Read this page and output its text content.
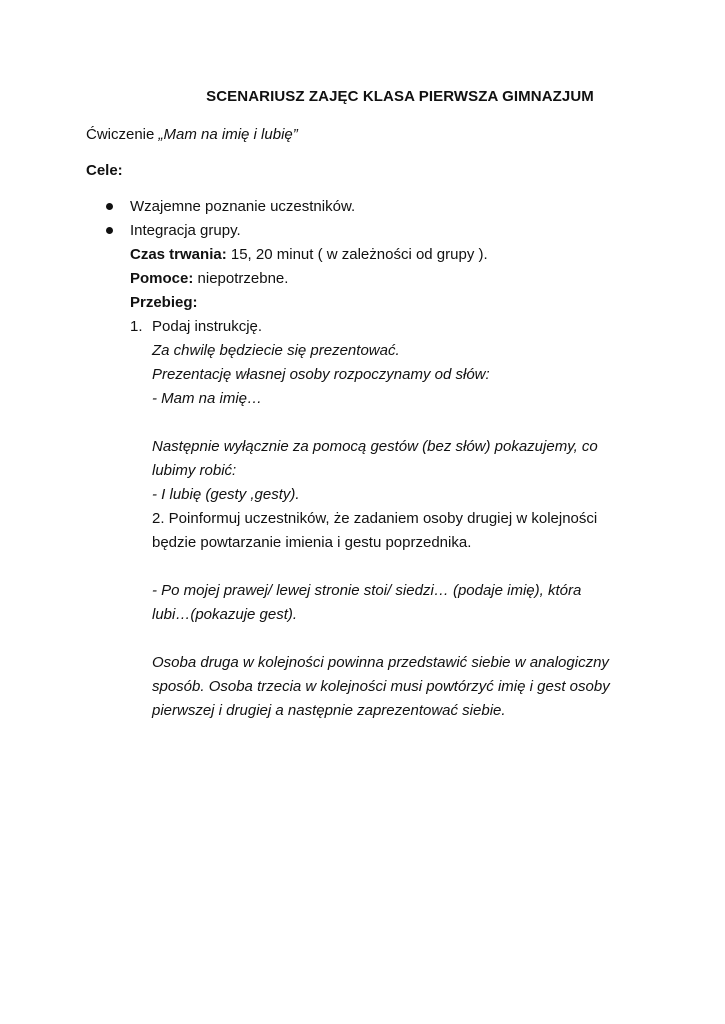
SCENARIUSZ ZAJĘC KLASA PIERWSZA GIMNAZJUM
Ćwiczenie „Mam na imię i lubię”
Cele:
Wzajemne poznanie uczestników.
Integracja grupy.
Czas trwania: 15, 20 minut ( w zależności od grupy ).
Pomoce: niepotrzebne.
Przebieg:
1. Podaj instrukcję.
Za chwilę będziecie się prezentować.
Prezentację własnej osoby rozpoczynamy od słów:
- Mam na imię…
Następnie wyłącznie za pomocą gestów (bez słów) pokazujemy, co
lubimy robić:
- I lubię (gesty ,gesty).
2. Poinformuj uczestników, że zadaniem osoby drugiej w kolejności
będzie powtarzanie imienia i gestu poprzednika.
- Po mojej prawej/ lewej stronie stoi/ siedzi… (podaje imię), która
lubi…(pokazuje gest).
Osoba druga w kolejności powinna przedstawić siebie w analogiczny
sposób. Osoba trzecia w kolejności musi powtórzyć imię i gest osoby
pierwszej i drugiej a następnie zaprezentować siebie.
